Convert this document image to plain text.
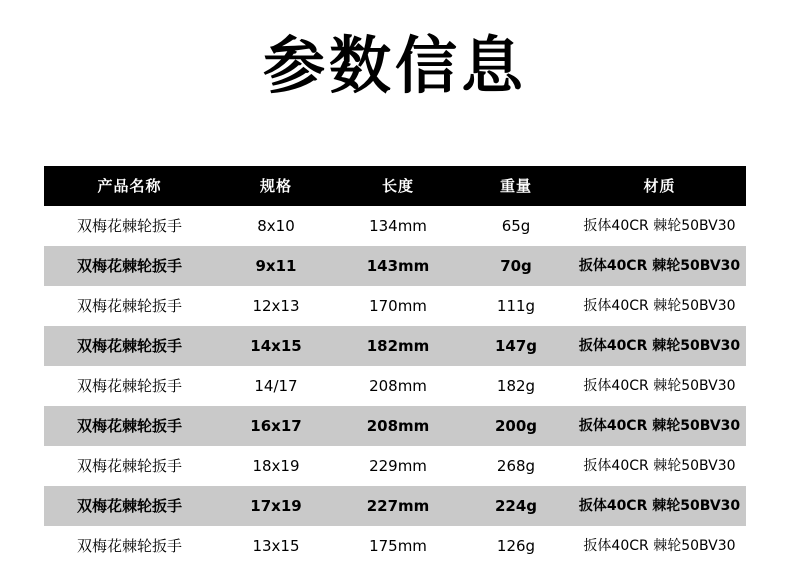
参数信息
产品名称	规格	长度	重量	材质
双梅花棘轮扳手	8x10	134mm	65g	扳体40CR 棘轮50BV30
双梅花棘轮扳手	9x11	143mm	70g	扳体40CR 棘轮50BV30
双梅花棘轮扳手	12x13	170mm	111g	扳体40CR 棘轮50BV30
双梅花棘轮扳手	14x15	182mm	147g	扳体40CR 棘轮50BV30
双梅花棘轮扳手	14/17	208mm	182g	扳体40CR 棘轮50BV30
双梅花棘轮扳手	16x17	208mm	200g	扳体40CR 棘轮50BV30
双梅花棘轮扳手	18x19	229mm	268g	扳体40CR 棘轮50BV30
双梅花棘轮扳手	17x19	227mm	224g	扳体40CR 棘轮50BV30
双梅花棘轮扳手	13x15	175mm	126g	扳体40CR 棘轮50BV30
